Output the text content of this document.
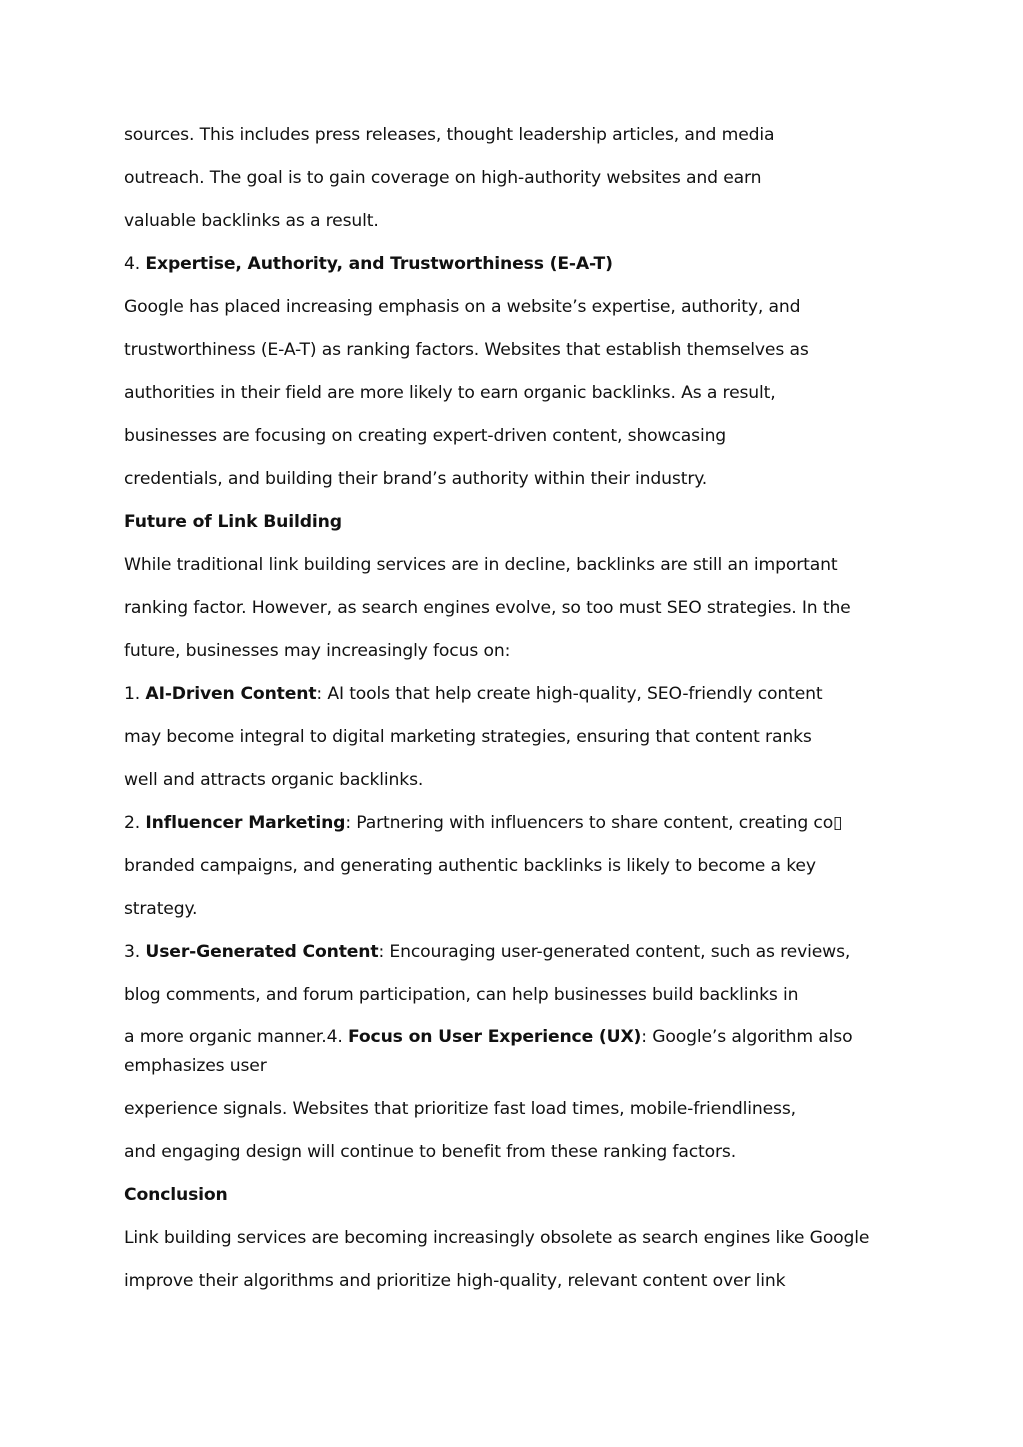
sources. This includes press releases, thought leadership articles, and media
outreach. The goal is to gain coverage on high-authority websites and earn
valuable backlinks as a result.
4. Expertise, Authority, and Trustworthiness (E-A-T)
Google has placed increasing emphasis on a website’s expertise, authority, and
trustworthiness (E-A-T) as ranking factors. Websites that establish themselves as
authorities in their field are more likely to earn organic backlinks. As a result,
businesses are focusing on creating expert-driven content, showcasing
credentials, and building their brand’s authority within their industry.
Future of Link Building
While traditional link building services are in decline, backlinks are still an important
ranking factor. However, as search engines evolve, so too must SEO strategies. In the
future, businesses may increasingly focus on:
1. AI-Driven Content: AI tools that help create high-quality, SEO-friendly content
may become integral to digital marketing strategies, ensuring that content ranks
well and attracts organic backlinks.
2. Influencer Marketing: Partnering with influencers to share content, creating co▯
branded campaigns, and generating authentic backlinks is likely to become a key
strategy.
3. User-Generated Content: Encouraging user-generated content, such as reviews,
blog comments, and forum participation, can help businesses build backlinks in
a more organic manner.4. Focus on User Experience (UX): Google’s algorithm also emphasizes user
experience signals. Websites that prioritize fast load times, mobile-friendliness,
and engaging design will continue to benefit from these ranking factors.
Conclusion
Link building services are becoming increasingly obsolete as search engines like Google
improve their algorithms and prioritize high-quality, relevant content over link
